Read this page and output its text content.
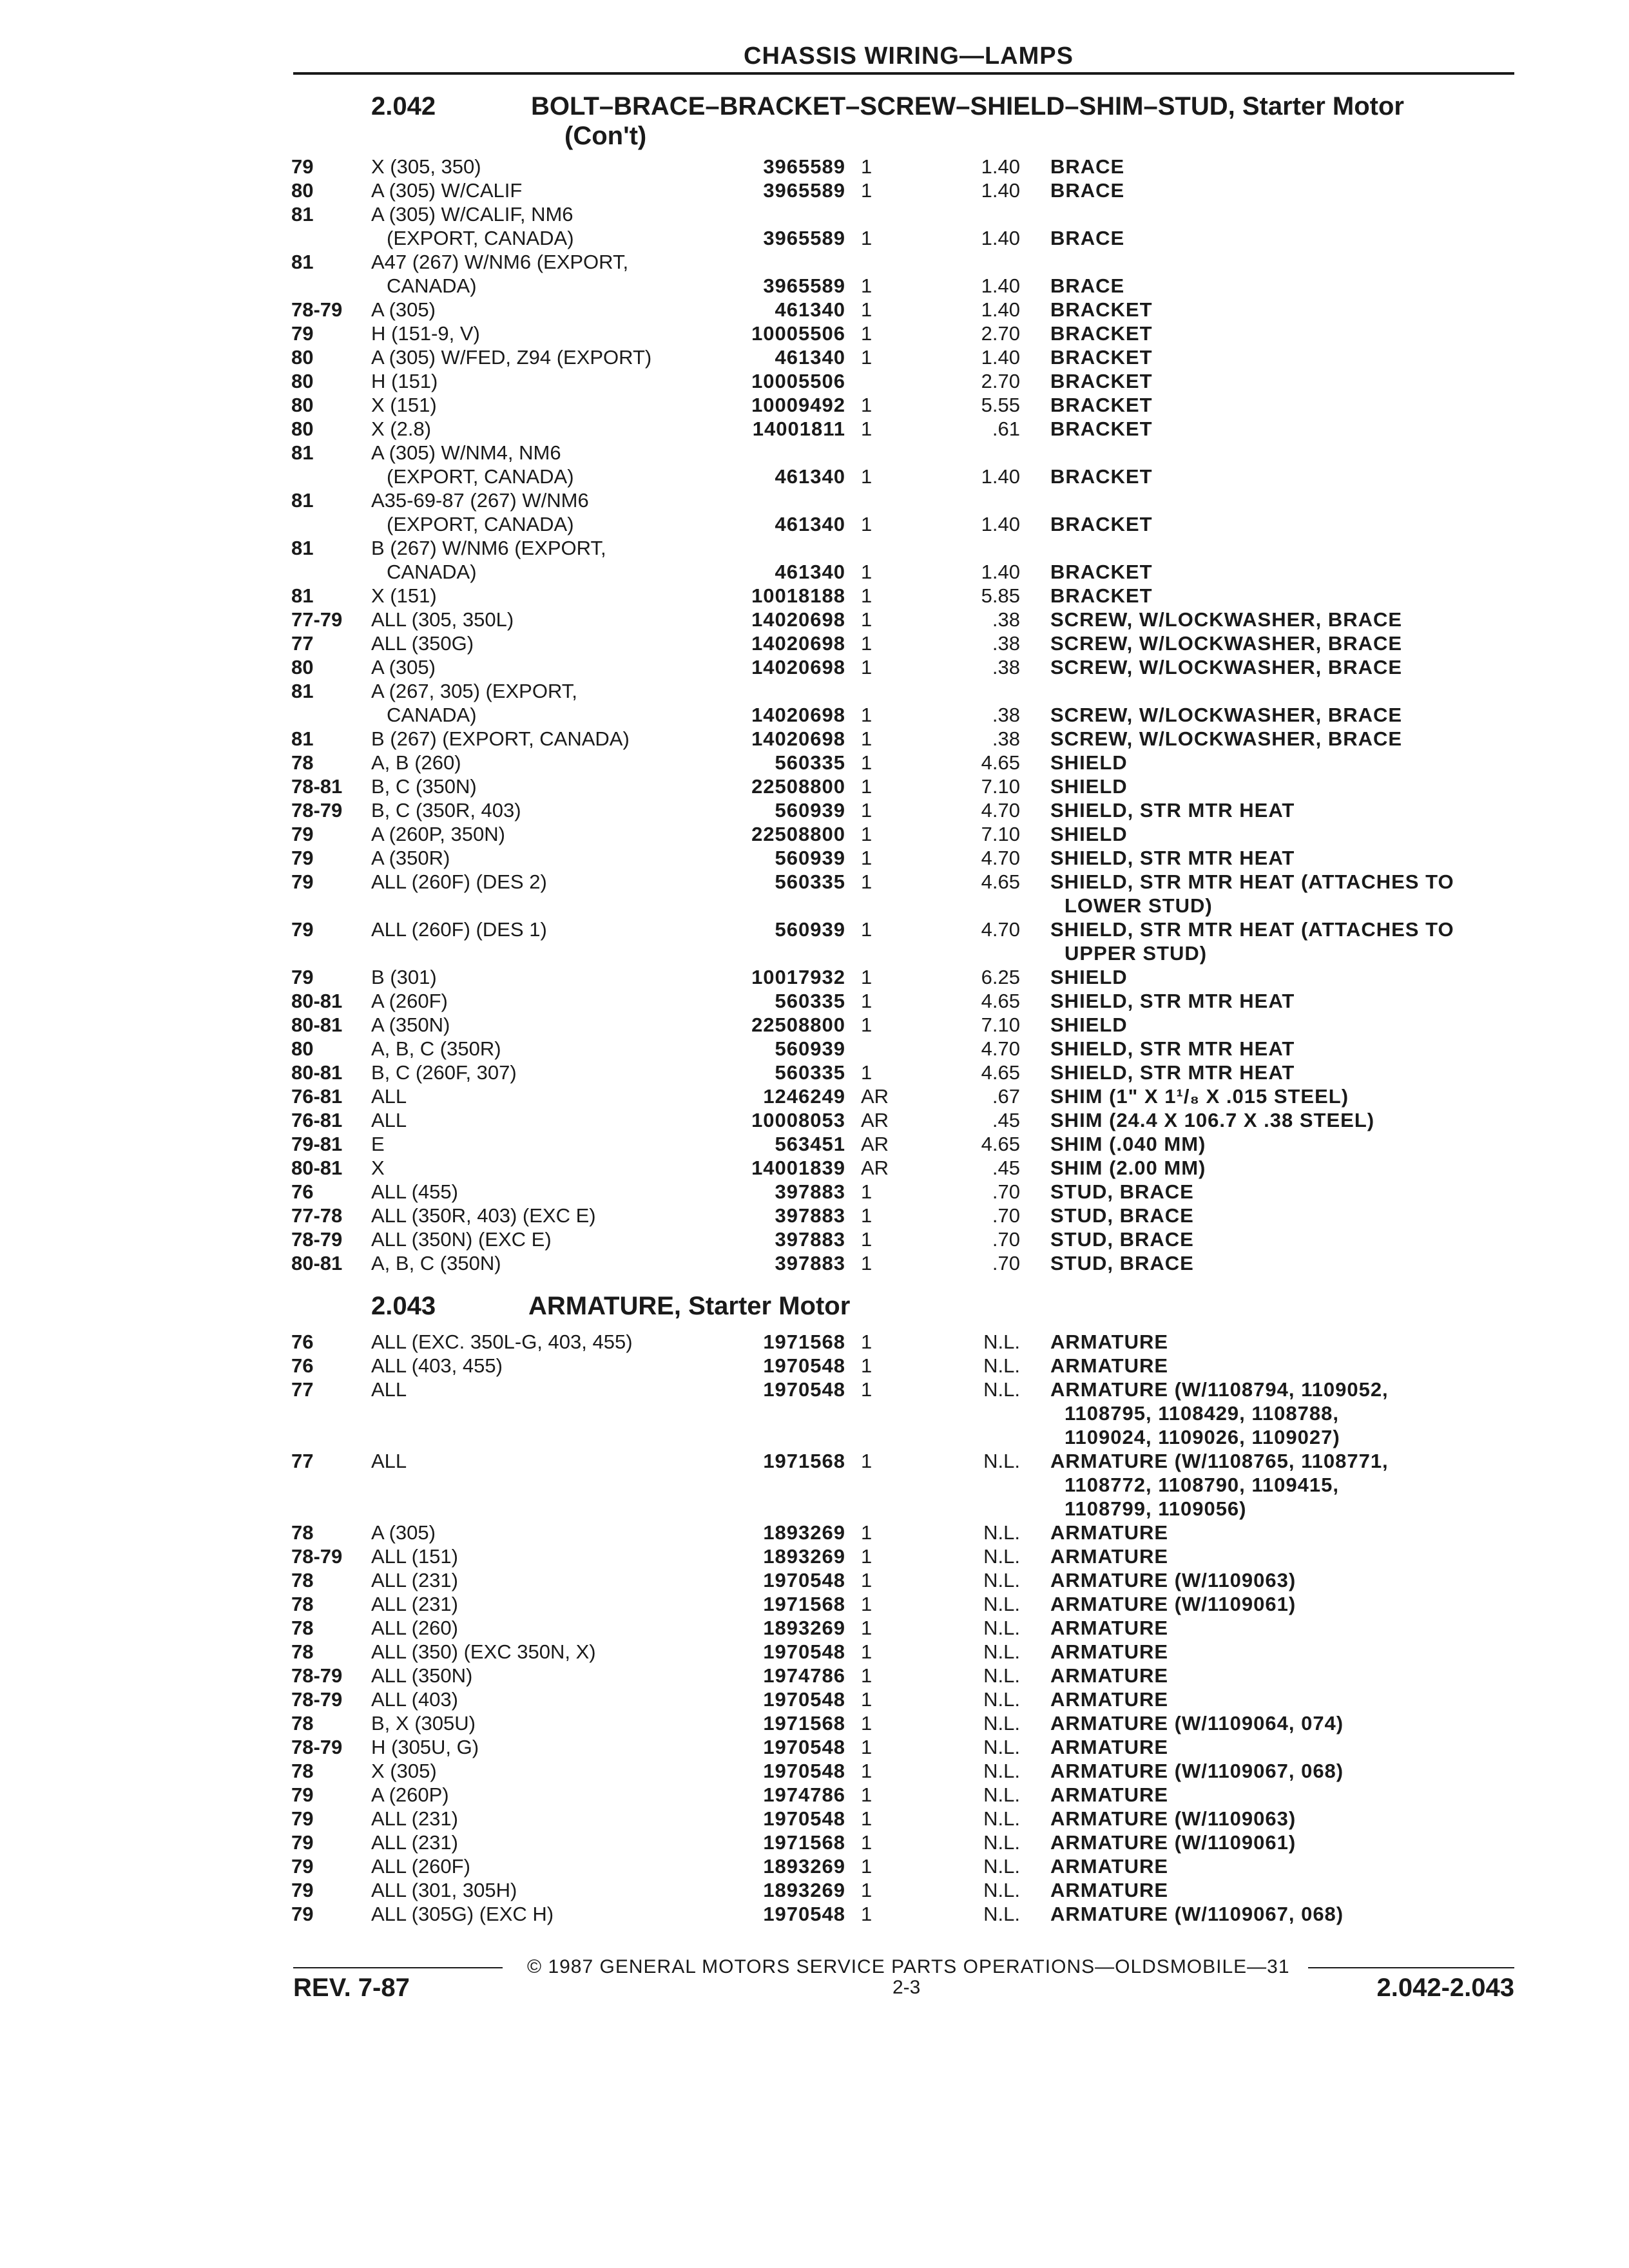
CHASSIS WIRING—LAMPS
2.042	BOLT–BRACE–BRACKET–SCREW–SHIELD–SHIM–STUD, Starter Motor
(Con't)
79	X (305, 350)	3965589 1	1.40 BRACE
80	A (305) W/CALIF	3965589 1	1.40 BRACE
81	A (305) W/CALIF, NM6
(EXPORT, CANADA)	3965589 1	1.40 BRACE
81	A47 (267) W/NM6 (EXPORT,
CANADA)	3965589 1	1.40 BRACE
78-79 A (305)	461340 1	1.40 BRACKET
79	H (151-9, V)	10005506 1	2.70 BRACKET
80	A (305) W/FED, Z94 (EXPORT)	461340 1	1.40 BRACKET
80	H (151)	10005506	2.70 BRACKET
80	X (151)	10009492 1	5.55 BRACKET
80	X (2.8)	14001811 1	.61 BRACKET
81	A (305) W/NM4, NM6
(EXPORT, CANADA)	461340 1	1.40 BRACKET
81	A35-69-87 (267) W/NM6
(EXPORT, CANADA)	461340 1	1.40 BRACKET
81	B (267) W/NM6 (EXPORT,
CANADA)	461340 1	1.40 BRACKET
81	X (151)	10018188 1	5.85 BRACKET
77-79 ALL (305, 350L)	14020698 1	.38 SCREW, W/LOCKWASHER, BRACE
77	ALL (350G)	14020698 1	.38 SCREW, W/LOCKWASHER, BRACE
80	A (305)	14020698 1	.38 SCREW, W/LOCKWASHER, BRACE
81	A (267, 305) (EXPORT,
CANADA)	14020698 1	.38 SCREW, W/LOCKWASHER, BRACE
81	B (267) (EXPORT, CANADA)	14020698 1	.38 SCREW, W/LOCKWASHER, BRACE
78	A, B (260)	560335 1	4.65 SHIELD
78-81 B, C (350N)	22508800 1	7.10 SHIELD
78-79 B, C (350R, 403)	560939 1	4.70 SHIELD, STR MTR HEAT
79	A (260P, 350N)	22508800 1	7.10 SHIELD
79	A (350R)	560939 1	4.70 SHIELD, STR MTR HEAT
79	ALL (260F) (DES 2)	560335 1	4.65 SHIELD, STR MTR HEAT (ATTACHES TO
LOWER STUD)
79	ALL (260F) (DES 1)	560939 1	4.70 SHIELD, STR MTR HEAT (ATTACHES TO
UPPER STUD)
79	B (301)	10017932 1	6.25 SHIELD
80-81 A (260F)	560335 1	4.65 SHIELD, STR MTR HEAT
80-81 A (350N)	22508800 1	7.10 SHIELD
80	A, B, C (350R)	560939	4.70 SHIELD, STR MTR HEAT
80-81 B, C (260F, 307)	560335 1	4.65 SHIELD, STR MTR HEAT
76-81 ALL	1246249 AR	.67 SHIM (1" X 1¹/₈ X .015 STEEL)
76-81 ALL	10008053 AR	.45 SHIM (24.4 X 106.7 X .38 STEEL)
79-81 E	563451 AR	4.65 SHIM (.040 MM)
80-81 X	14001839 AR	.45 SHIM (2.00 MM)
76	ALL (455)	397883 1	.70 STUD, BRACE
77-78 ALL (350R, 403) (EXC E)	397883 1	.70 STUD, BRACE
78-79 ALL (350N) (EXC E)	397883 1	.70 STUD, BRACE
80-81 A, B, C (350N)	397883 1	.70 STUD, BRACE
2.043	ARMATURE, Starter Motor
76	ALL (EXC. 350L-G, 403, 455)	1971568 1	N.L. ARMATURE
76	ALL (403, 455)	1970548 1	N.L. ARMATURE
77	ALL	1970548 1	N.L. ARMATURE (W/1108794, 1109052,
1108795, 1108429, 1108788,
1109024, 1109026, 1109027)
77	ALL	1971568 1	N.L. ARMATURE (W/1108765, 1108771,
1108772, 1108790, 1109415,
1108799, 1109056)
78	A (305)	1893269 1	N.L. ARMATURE
78-79 ALL (151)	1893269 1	N.L. ARMATURE
78	ALL (231)	1970548 1	N.L. ARMATURE (W/1109063)
78	ALL (231)	1971568 1	N.L. ARMATURE (W/1109061)
78	ALL (260)	1893269 1	N.L. ARMATURE
78	ALL (350) (EXC 350N, X)	1970548 1	N.L. ARMATURE
78-79 ALL (350N)	1974786 1	N.L. ARMATURE
78-79 ALL (403)	1970548 1	N.L. ARMATURE
78	B, X (305U)	1971568 1	N.L. ARMATURE (W/1109064, 074)
78-79 H (305U, G)	1970548 1	N.L. ARMATURE
78	X (305)	1970548 1	N.L. ARMATURE (W/1109067, 068)
79	A (260P)	1974786 1	N.L. ARMATURE
79	ALL (231)	1970548 1	N.L. ARMATURE (W/1109063)
79	ALL (231)	1971568 1	N.L. ARMATURE (W/1109061)
79	ALL (260F)	1893269 1	N.L. ARMATURE
79	ALL (301, 305H)	1893269 1	N.L. ARMATURE
79	ALL (305G) (EXC H)	1970548 1	N.L. ARMATURE (W/1109067, 068)
© 1987 GENERAL MOTORS SERVICE PARTS OPERATIONS—OLDSMOBILE—31
REV. 7-87	2-3	2.042-2.043
